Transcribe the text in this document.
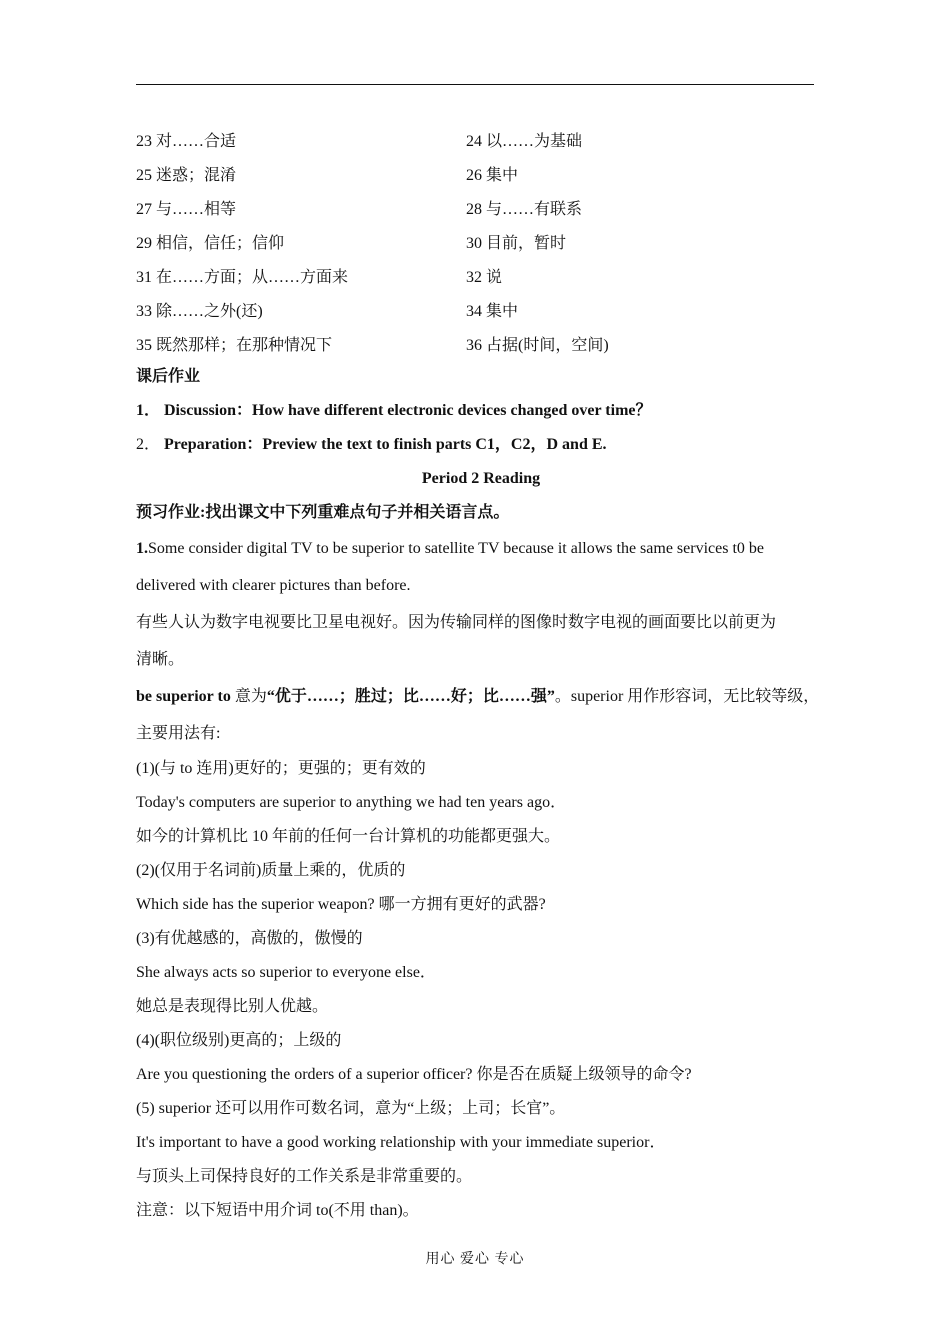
23 对……合适	24 以……为基础
25 迷惑；混淆	26 集中
27 与……相等	28 与……有联系
29 相信，信任；信仰	30 目前，暂时
31 在……方面；从……方面来	32 说
33 除……之外(还)	34 集中
35 既然那样；在那种情况下	36 占据(时间，空间)
课后作业
1． Discussion：How have different electronic devices changed over time？
2． Preparation：Preview the text to finish parts C1，C2，D and E.
Period 2 Reading
预习作业:找出课文中下列重难点句子并相关语言点。
1.Some consider digital TV to be superior to satellite TV because it allows the same services t0 be
delivered with clearer pictures than before.
有些人认为数字电视要比卫星电视好。因为传输同样的图像时数字电视的画面要比以前更为
清晰。
be superior to 意为“优于……；胜过；比……好；比……强”。superior 用作形容词，无比较等级，
主要用法有:
(1)(与 to 连用)更好的；更强的；更有效的
Today's computers are superior to anything we had ten years ago．
如今的计算机比 10 年前的任何一台计算机的功能都更强大。
(2)(仅用于名词前)质量上乘的，优质的
Which side has the superior weapon? 哪一方拥有更好的武器?
(3)有优越感的，高傲的，傲慢的
She always acts so superior to everyone else．
她总是表现得比别人优越。
(4)(职位级别)更高的；上级的
Are you questioning the orders of a superior officer? 你是否在质疑上级领导的命令?
(5) superior 还可以用作可数名词，意为“上级；上司；长官”。
It's important to have a good working relationship with your immediate superior．
与顶头上司保持良好的工作关系是非常重要的。
注意：以下短语中用介词 to(不用 than)。
用心 爱心 专心
